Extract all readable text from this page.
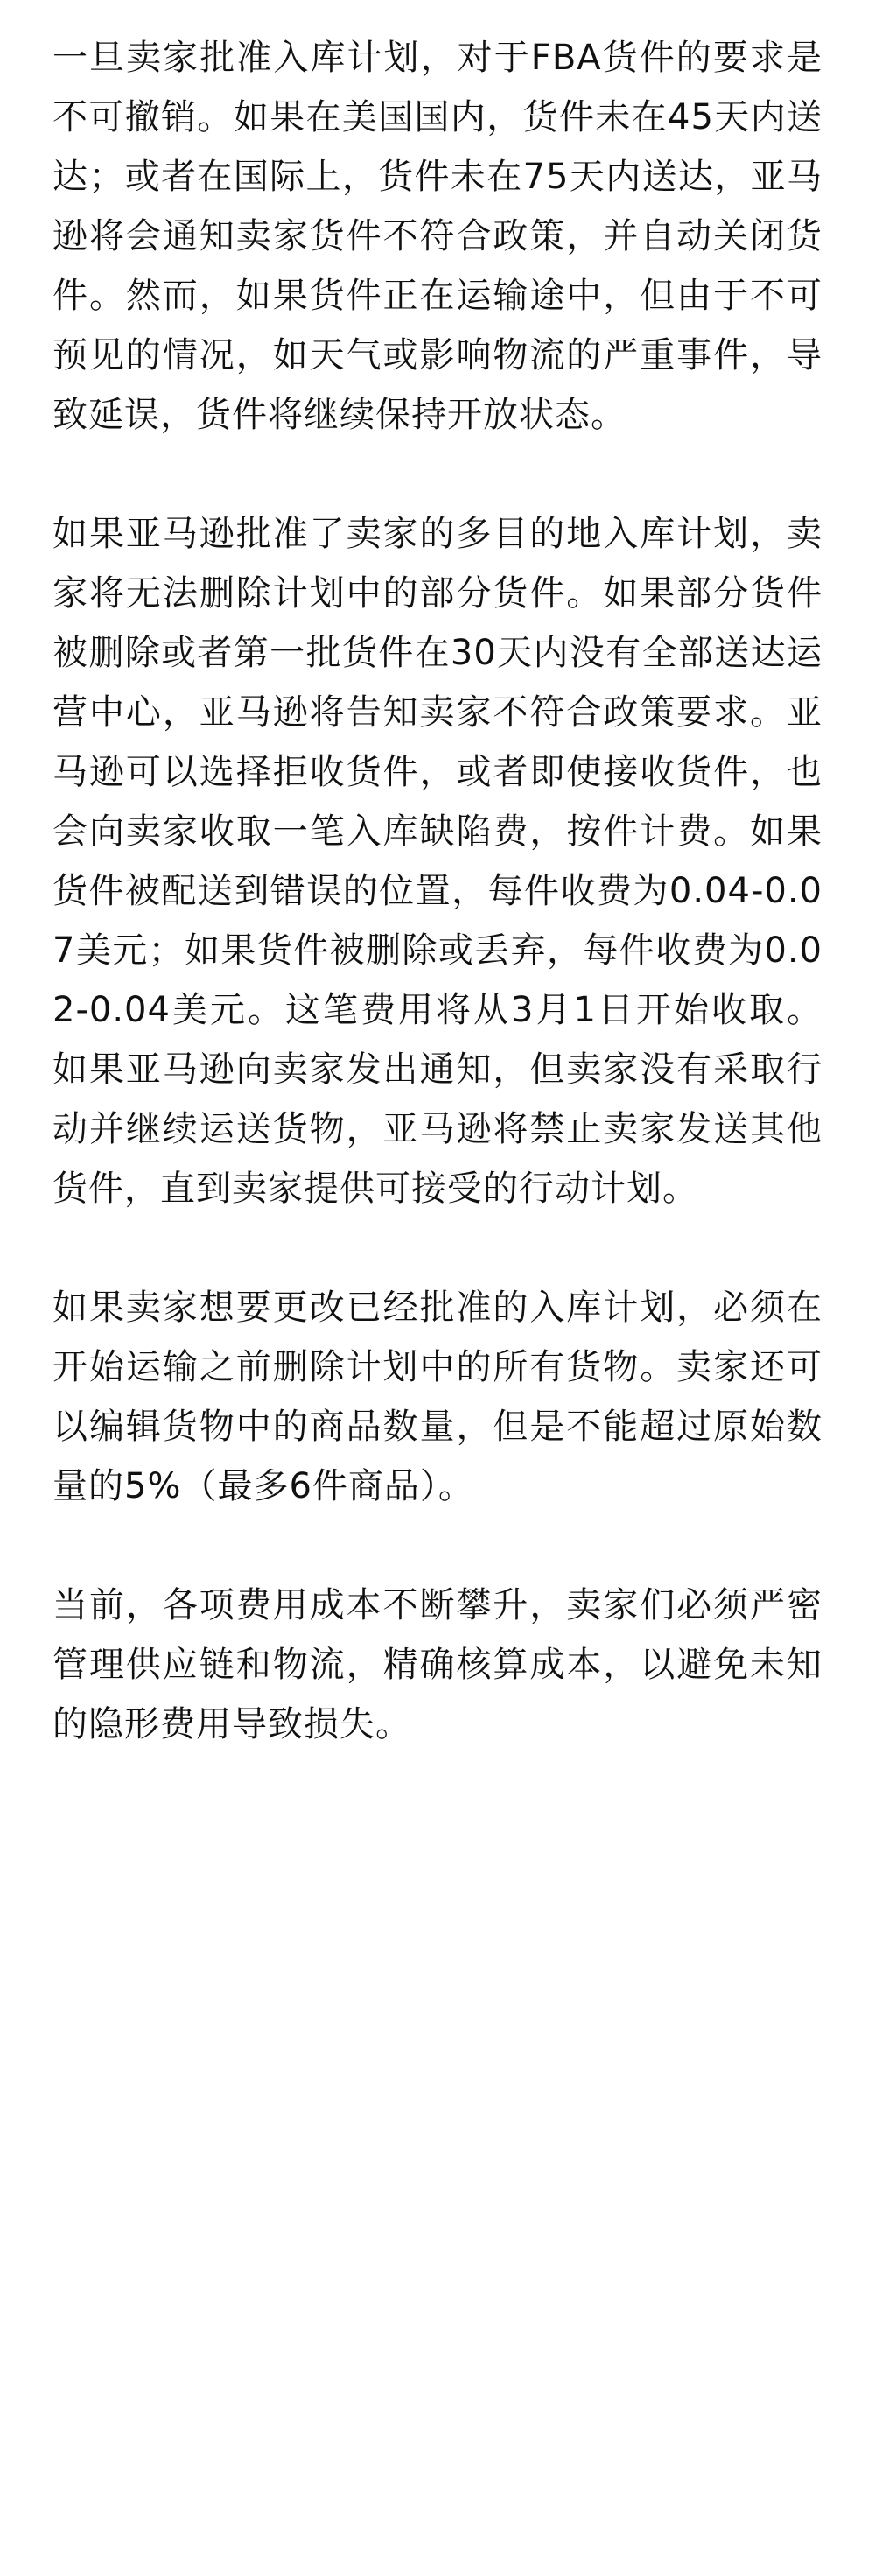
一旦卖家批准入库计划，对于FBA货件的要求是不可撤销。如果在美国国内，货件未在45天内送达；或者在国际上，货件未在75天内送达，亚马逊将会通知卖家货件不符合政策，并自动关闭货件。然而，如果货件正在运输途中，但由于不可预见的情况，如天气或影响物流的严重事件，导致延误，货件将继续保持开放状态。

如果亚马逊批准了卖家的多目的地入库计划，卖家将无法删除计划中的部分货件。如果部分货件被删除或者第一批货件在30天内没有全部送达运营中心，亚马逊将告知卖家不符合政策要求。亚马逊可以选择拒收货件，或者即使接收货件，也会向卖家收取一笔入库缺陷费，按件计费。如果货件被配送到错误的位置，每件收费为0.04-0.07美元；如果货件被删除或丢弃，每件收费为0.02-0.04美元。这笔费用将从3月1日开始收取。如果亚马逊向卖家发出通知，但卖家没有采取行动并继续运送货物，亚马逊将禁止卖家发送其他货件，直到卖家提供可接受的行动计划。

如果卖家想要更改已经批准的入库计划，必须在开始运输之前删除计划中的所有货物。卖家还可以编辑货物中的商品数量，但是不能超过原始数量的5%（最多6件商品）。

当前，各项费用成本不断攀升，卖家们必须严密管理供应链和物流，精确核算成本，以避免未知的隐形费用导致损失。
